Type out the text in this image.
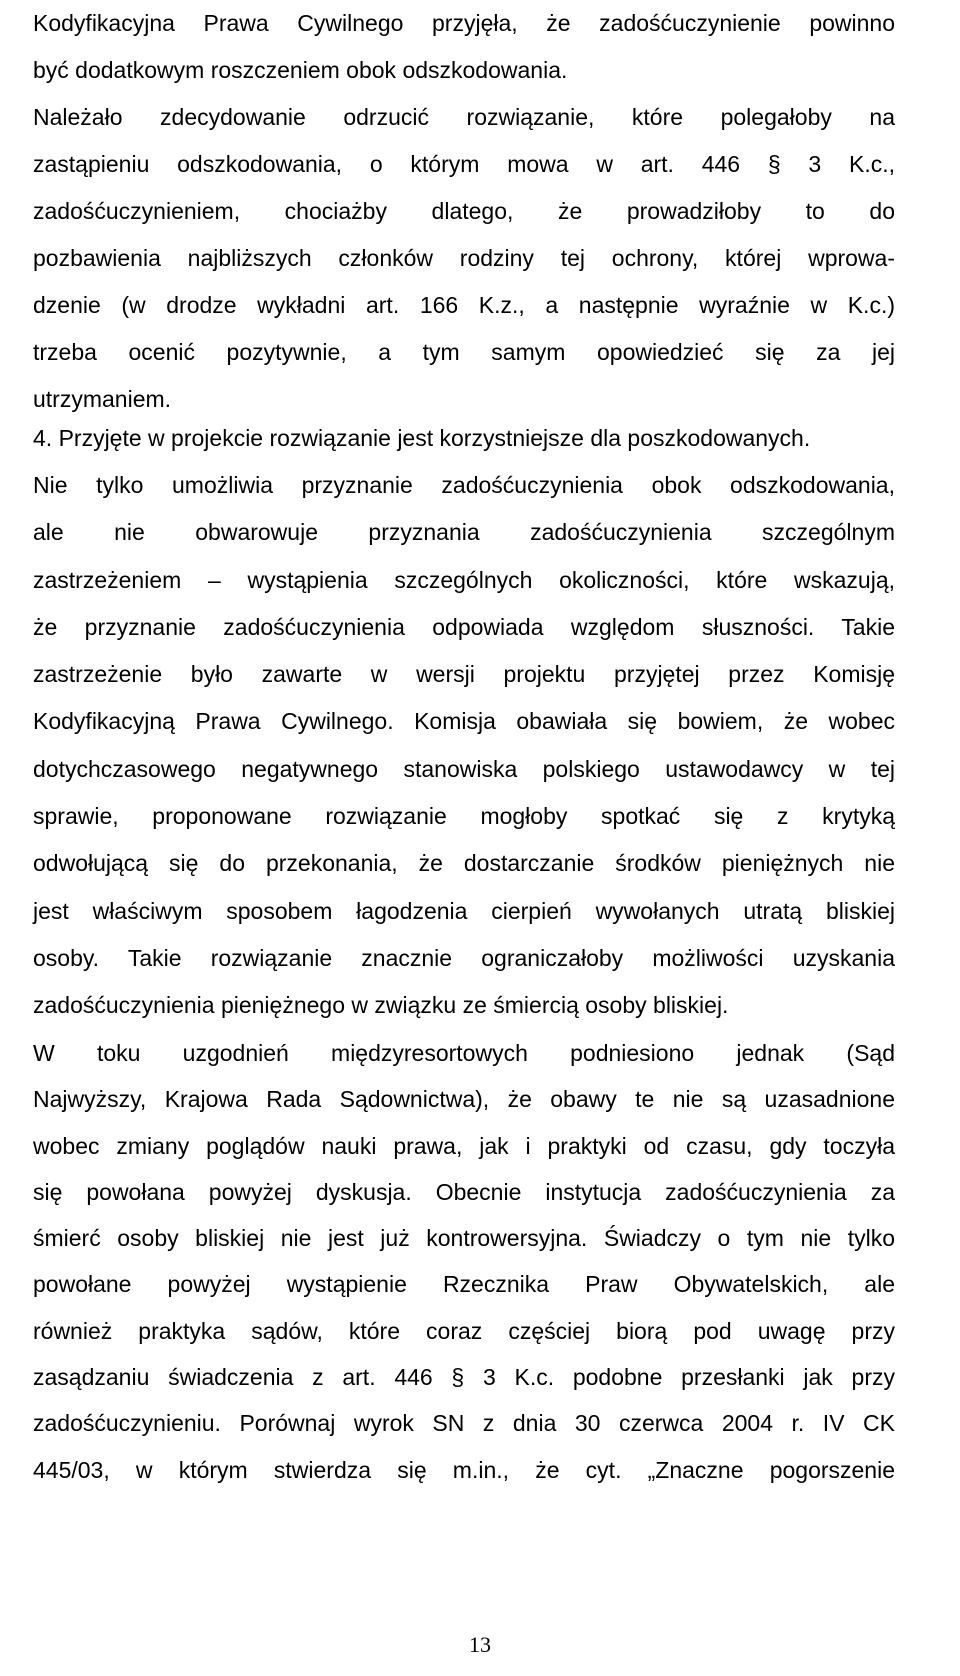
Kodyfikacyjna Prawa Cywilnego przyjęła, że zadośćuczynienie powinno
być dodatkowym roszczeniem obok odszkodowania.
Należało zdecydowanie odrzucić rozwiązanie, które polegałoby na
zastąpieniu odszkodowania, o którym mowa w art. 446 § 3 K.c.,
zadośćuczynieniem, chociażby dlatego, że prowadziłoby to do
pozbawienia najbliższych członków rodziny tej ochrony, której wprowa-
dzenie (w drodze wykładni art. 166 K.z., a następnie wyraźnie w K.c.)
trzeba ocenić pozytywnie, a tym samym opowiedzieć się za jej
utrzymaniem.
4. Przyjęte w projekcie rozwiązanie jest korzystniejsze dla poszkodowanych.
Nie tylko umożliwia przyznanie zadośćuczynienia obok odszkodowania,
ale nie obwarowuje przyznania zadośćuczynienia szczególnym
zastrzeżeniem – wystąpienia szczególnych okoliczności, które wskazują,
że przyznanie zadośćuczynienia odpowiada względom słuszności. Takie
zastrzeżenie było zawarte w wersji projektu przyjętej przez Komisję
Kodyfikacyjną Prawa Cywilnego. Komisja obawiała się bowiem, że wobec
dotychczasowego negatywnego stanowiska polskiego ustawodawcy w tej
sprawie, proponowane rozwiązanie mogłoby spotkać się z krytyką
odwołującą się do przekonania, że dostarczanie środków pieniężnych nie
jest właściwym sposobem łagodzenia cierpień wywołanych utratą bliskiej
osoby. Takie rozwiązanie znacznie ograniczałoby możliwości uzyskania
zadośćuczynienia pieniężnego w związku ze śmiercią osoby bliskiej.
W toku uzgodnień międzyresortowych podniesiono jednak (Sąd
Najwyższy, Krajowa Rada Sądownictwa), że obawy te nie są uzasadnione
wobec zmiany poglądów nauki prawa, jak i praktyki od czasu, gdy toczyła
się powołana powyżej dyskusja. Obecnie instytucja zadośćuczynienia za
śmierć osoby bliskiej nie jest już kontrowersyjna. Świadczy o tym nie tylko
powołane powyżej wystąpienie Rzecznika Praw Obywatelskich, ale
również praktyka sądów, które coraz częściej biorą pod uwagę przy
zasądzaniu świadczenia z art. 446 § 3 K.c. podobne przesłanki jak przy
zadośćuczynieniu. Porównaj wyrok SN z dnia 30 czerwca 2004 r. IV CK
445/03, w którym stwierdza się m.in., że cyt. „Znaczne pogorszenie
13
